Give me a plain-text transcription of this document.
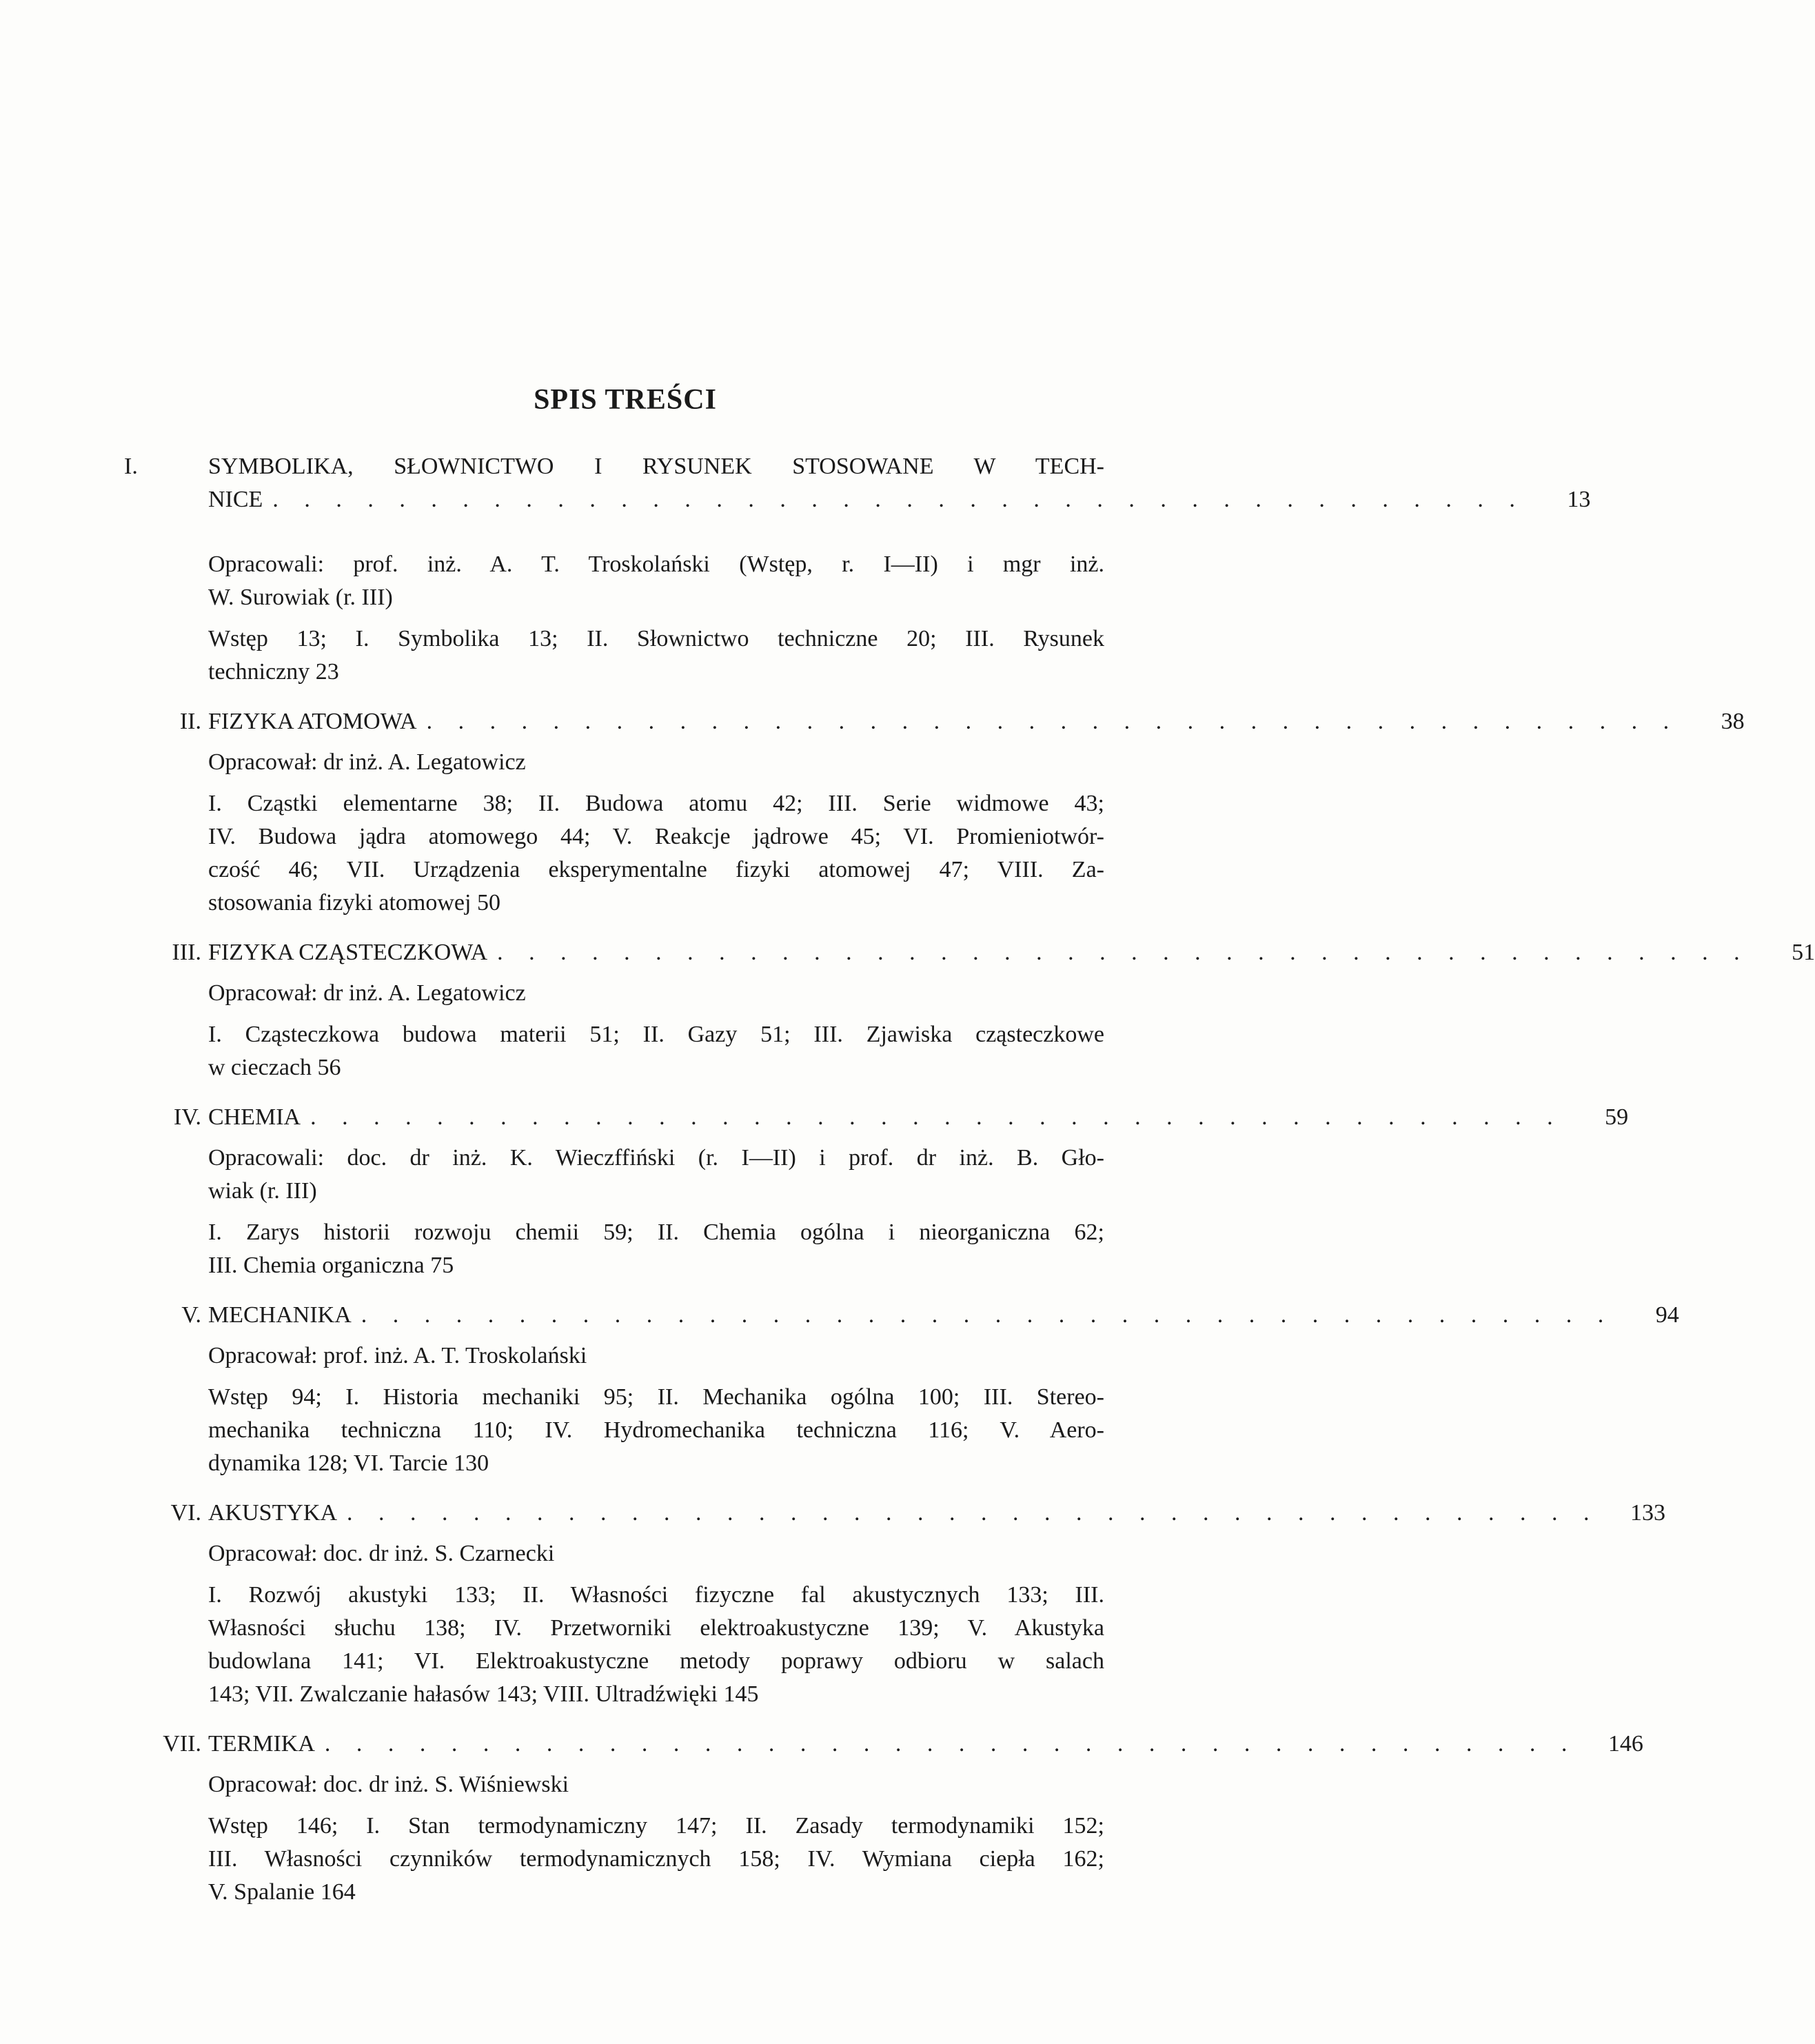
SPIS TREŚCI
I.	SYMBOLIKA, SŁOWNICTWO I RYSUNEK STOSOWANE W TECH-
NICE . . . . . . . . . . . . . . . . . . . . . . . . . . . . . . . . . . . . . . . .	13
Opracowali: prof. inż. A. T. Troskolański (Wstęp, r. I—II) i mgr inż.
W. Surowiak (r. III)
Wstęp 13; I. Symbolika 13; II. Słownictwo techniczne 20; III. Rysunek
techniczny 23
II. FIZYKA ATOMOWA . . . . . . . . . . . . . . . . . . . . . . . . . . . . . . . . . . . . . . . .	38
Opracował: dr inż. A. Legatowicz
I. Cząstki elementarne 38; II. Budowa atomu 42; III. Serie widmowe 43;
IV. Budowa jądra atomowego 44; V. Reakcje jądrowe 45; VI. Promieniotwór-
czość 46; VII. Urządzenia eksperymentalne fizyki atomowej 47; VIII. Za-
stosowania fizyki atomowej 50
III. FIZYKA CZĄSTECZKOWA . . . . . . . . . . . . . . . . . . . . . . . . . . . . . . . . . . . . . . . .	51
Opracował: dr inż. A. Legatowicz
I. Cząsteczkowa budowa materii 51; II. Gazy 51; III. Zjawiska cząsteczkowe
w cieczach 56
IV. CHEMIA . . . . . . . . . . . . . . . . . . . . . . . . . . . . . . . . . . . . . . . .	59
Opracowali: doc. dr inż. K. Wieczffiński (r. I—II) i prof. dr inż. B. Gło-
wiak (r. III)
I. Zarys historii rozwoju chemii 59; II. Chemia ogólna i nieorganiczna 62;
III. Chemia organiczna 75
V. MECHANIKA . . . . . . . . . . . . . . . . . . . . . . . . . . . . . . . . . . . . . . . .	94
Opracował: prof. inż. A. T. Troskolański
Wstęp 94; I. Historia mechaniki 95; II. Mechanika ogólna 100; III. Stereo-
mechanika techniczna 110; IV. Hydromechanika techniczna 116; V. Aero-
dynamika 128; VI. Tarcie 130
VI. AKUSTYKA . . . . . . . . . . . . . . . . . . . . . . . . . . . . . . . . . . . . . . . . 133
Opracował: doc. dr inż. S. Czarnecki
I. Rozwój akustyki 133; II. Własności fizyczne fal akustycznych 133; III.
Własności słuchu 138; IV. Przetworniki elektroakustyczne 139; V. Akustyka
budowlana 141; VI. Elektroakustyczne metody poprawy odbioru w salach
143; VII. Zwalczanie hałasów 143; VIII. Ultradźwięki 145
VII. TERMIKA . . . . . . . . . . . . . . . . . . . . . . . . . . . . . . . . . . . . . . . . 146
Opracował: doc. dr inż. S. Wiśniewski
Wstęp 146; I. Stan termodynamiczny 147; II. Zasady termodynamiki 152;
III. Własności czynników termodynamicznych 158; IV. Wymiana ciepła 162;
V. Spalanie 164
